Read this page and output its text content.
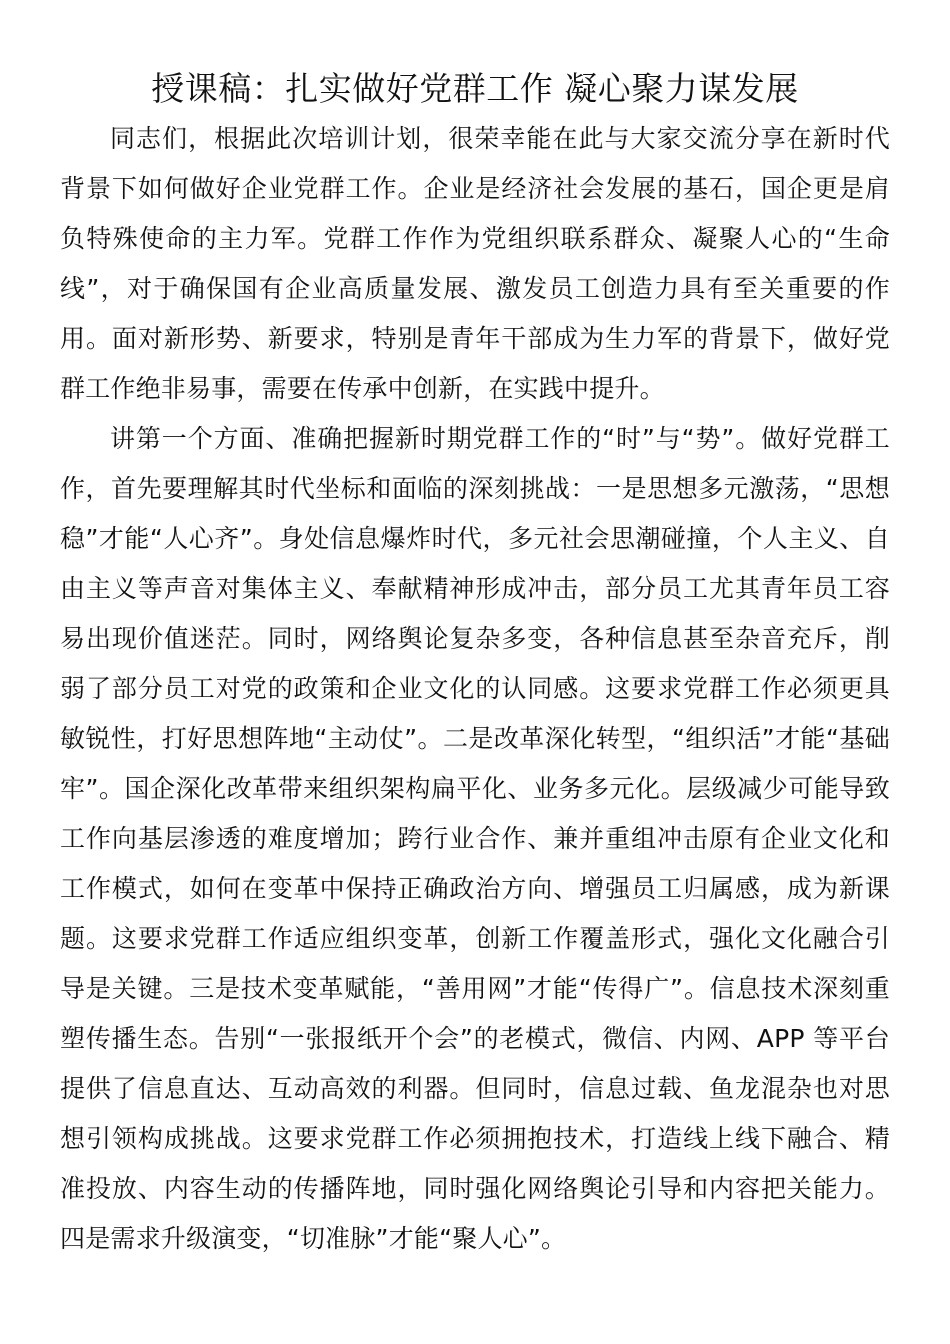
授课稿：扎实做好党群工作 凝心聚力谋发展

同志们，根据此次培训计划，很荣幸能在此与大家交流分享在新时代背景下如何做好企业党群工作。企业是经济社会发展的基石，国企更是肩负特殊使命的主力军。党群工作作为党组织联系群众、凝聚人心的“生命线”，对于确保国有企业高质量发展、激发员工创造力具有至关重要的作用。面对新形势、新要求，特别是青年干部成为生力军的背景下，做好党群工作绝非易事，需要在传承中创新，在实践中提升。

讲第一个方面、准确把握新时期党群工作的“时”与“势”。做好党群工作，首先要理解其时代坐标和面临的深刻挑战：一是思想多元激荡，“思想稳”才能“人心齐”。身处信息爆炸时代，多元社会思潮碰撞，个人主义、自由主义等声音对集体主义、奉献精神形成冲击，部分员工尤其青年员工容易出现价值迷茫。同时，网络舆论复杂多变，各种信息甚至杂音充斥，削弱了部分员工对党的政策和企业文化的认同感。这要求党群工作必须更具敏锐性，打好思想阵地“主动仗”。二是改革深化转型，“组织活”才能“基础牢”。国企深化改革带来组织架构扁平化、业务多元化。层级减少可能导致工作向基层渗透的难度增加；跨行业合作、兼并重组冲击原有企业文化和工作模式，如何在变革中保持正确政治方向、增强员工归属感，成为新课题。这要求党群工作适应组织变革，创新工作覆盖形式，强化文化融合引导是关键。三是技术变革赋能，“善用网”才能“传得广”。信息技术深刻重塑传播生态。告别“一张报纸开个会”的老模式，微信、内网、APP 等平台提供了信息直达、互动高效的利器。但同时，信息过载、鱼龙混杂也对思想引领构成挑战。这要求党群工作必须拥抱技术，打造线上线下融合、精准投放、内容生动的传播阵地，同时强化网络舆论引导和内容把关能力。四是需求升级演变，“切准脉”才能“聚人心”。
